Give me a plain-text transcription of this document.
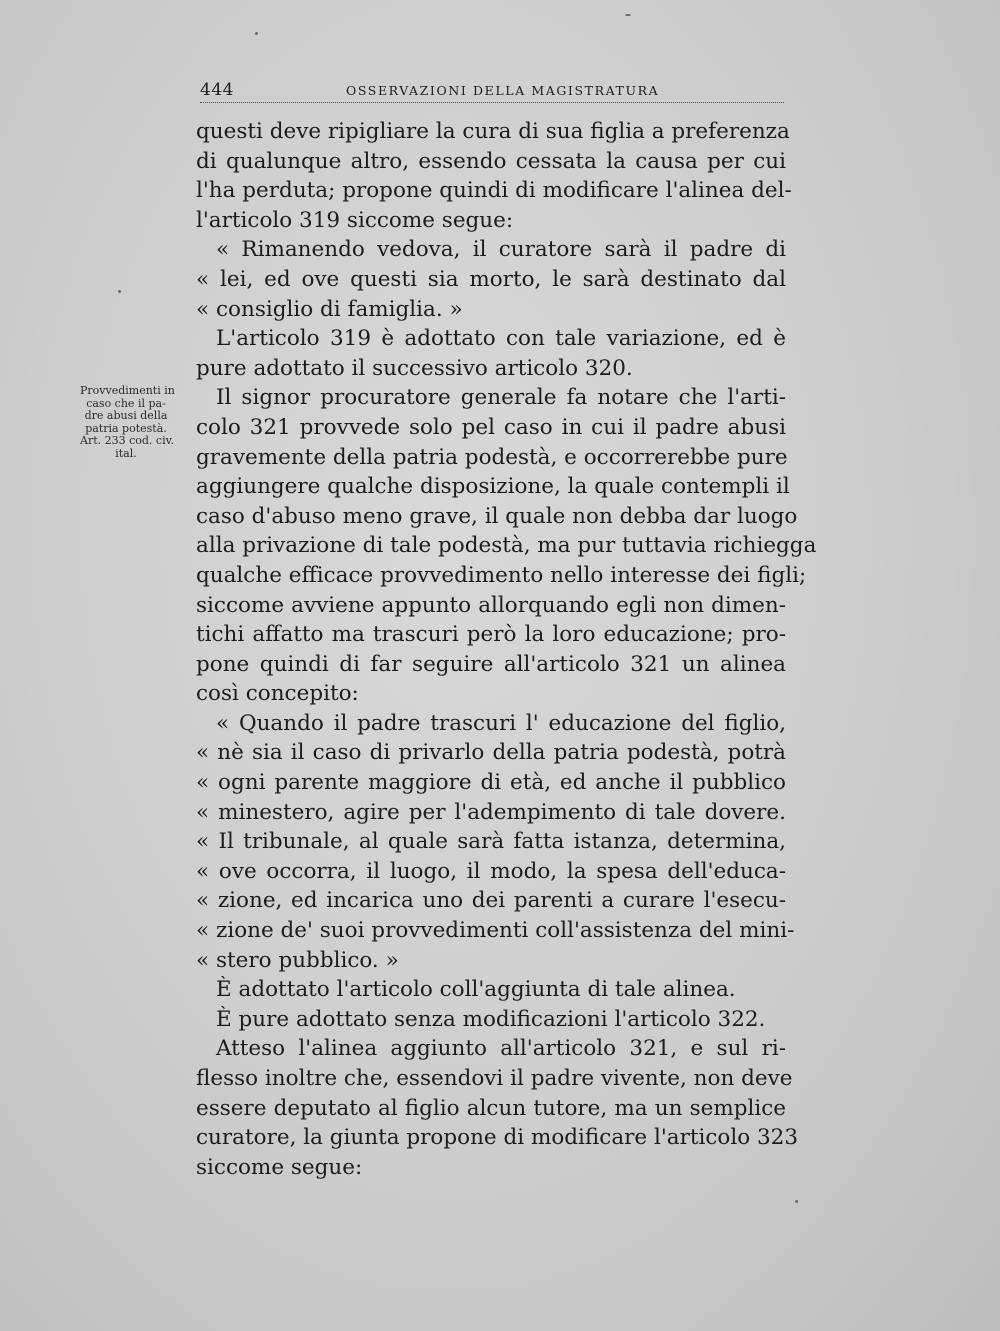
444	OSSERVAZIONI DELLA MAGISTRATURA
Provvedimenti in
caso che il pa-
dre abusi della
patria potestà.
Art. 233 cod. civ.
ital.
questi deve ripigliare la cura di sua figlia a preferenza
di qualunque altro, essendo cessata la causa per cui
l'ha perduta; propone quindi di modificare l'alinea del-
l'articolo 319 siccome segue:
« Rimanendo vedova, il curatore sarà il padre di
« lei, ed ove questi sia morto, le sarà destinato dal
« consiglio di famiglia. »
L'articolo 319 è adottato con tale variazione, ed è
pure adottato il successivo articolo 320.
Il signor procuratore generale fa notare che l'arti-
colo 321 provvede solo pel caso in cui il padre abusi
gravemente della patria podestà, e occorrerebbe pure
aggiungere qualche disposizione, la quale contempli il
caso d'abuso meno grave, il quale non debba dar luogo
alla privazione di tale podestà, ma pur tuttavia richiegga
qualche efficace provvedimento nello interesse dei figli;
siccome avviene appunto allorquando egli non dimen-
tichi affatto ma trascuri però la loro educazione; pro-
pone quindi di far seguire all'articolo 321 un alinea
così concepito:
« Quando il padre trascuri l' educazione del figlio,
« nè sia il caso di privarlo della patria podestà, potrà
« ogni parente maggiore di età, ed anche il pubblico
« minestero, agire per l'adempimento di tale dovere.
« Il tribunale, al quale sarà fatta istanza, determina,
« ove occorra, il luogo, il modo, la spesa dell'educa-
« zione, ed incarica uno dei parenti a curare l'esecu-
« zione de' suoi provvedimenti coll'assistenza del mini-
« stero pubblico. »
È adottato l'articolo coll'aggiunta di tale alinea.
È pure adottato senza modificazioni l'articolo 322.
Atteso l'alinea aggiunto all'articolo 321, e sul ri-
flesso inoltre che, essendovi il padre vivente, non deve
essere deputato al figlio alcun tutore, ma un semplice
curatore, la giunta propone di modificare l'articolo 323
siccome segue:
